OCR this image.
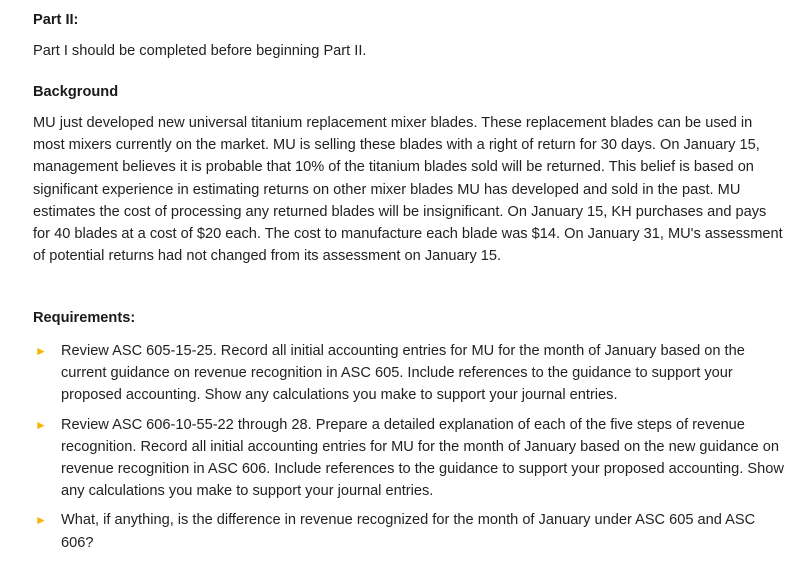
Part II:

Part I should be completed before beginning Part II.

Background

MU just developed new universal titanium replacement mixer blades. These replacement blades can be used in most mixers currently on the market. MU is selling these blades with a right of return for 30 days. On January 15, management believes it is probable that 10% of the titanium blades sold will be returned. This belief is based on significant experience in estimating returns on other mixer blades MU has developed and sold in the past. MU estimates the cost of processing any returned blades will be insignificant. On January 15, KH purchases and pays for 40 blades at a cost of $20 each. The cost to manufacture each blade was $14. On January 31, MU's assessment of potential returns had not changed from its assessment on January 15.

Requirements:

► Review ASC 605-15-25. Record all initial accounting entries for MU for the month of January based on the current guidance on revenue recognition in ASC 605. Include references to the guidance to support your proposed accounting. Show any calculations you make to support your journal entries.
► Review ASC 606-10-55-22 through 28. Prepare a detailed explanation of each of the five steps of revenue recognition. Record all initial accounting entries for MU for the month of January based on the new guidance on revenue recognition in ASC 606. Include references to the guidance to support your proposed accounting. Show any calculations you make to support your journal entries.
► What, if anything, is the difference in revenue recognized for the month of January under ASC 605 and ASC 606?
